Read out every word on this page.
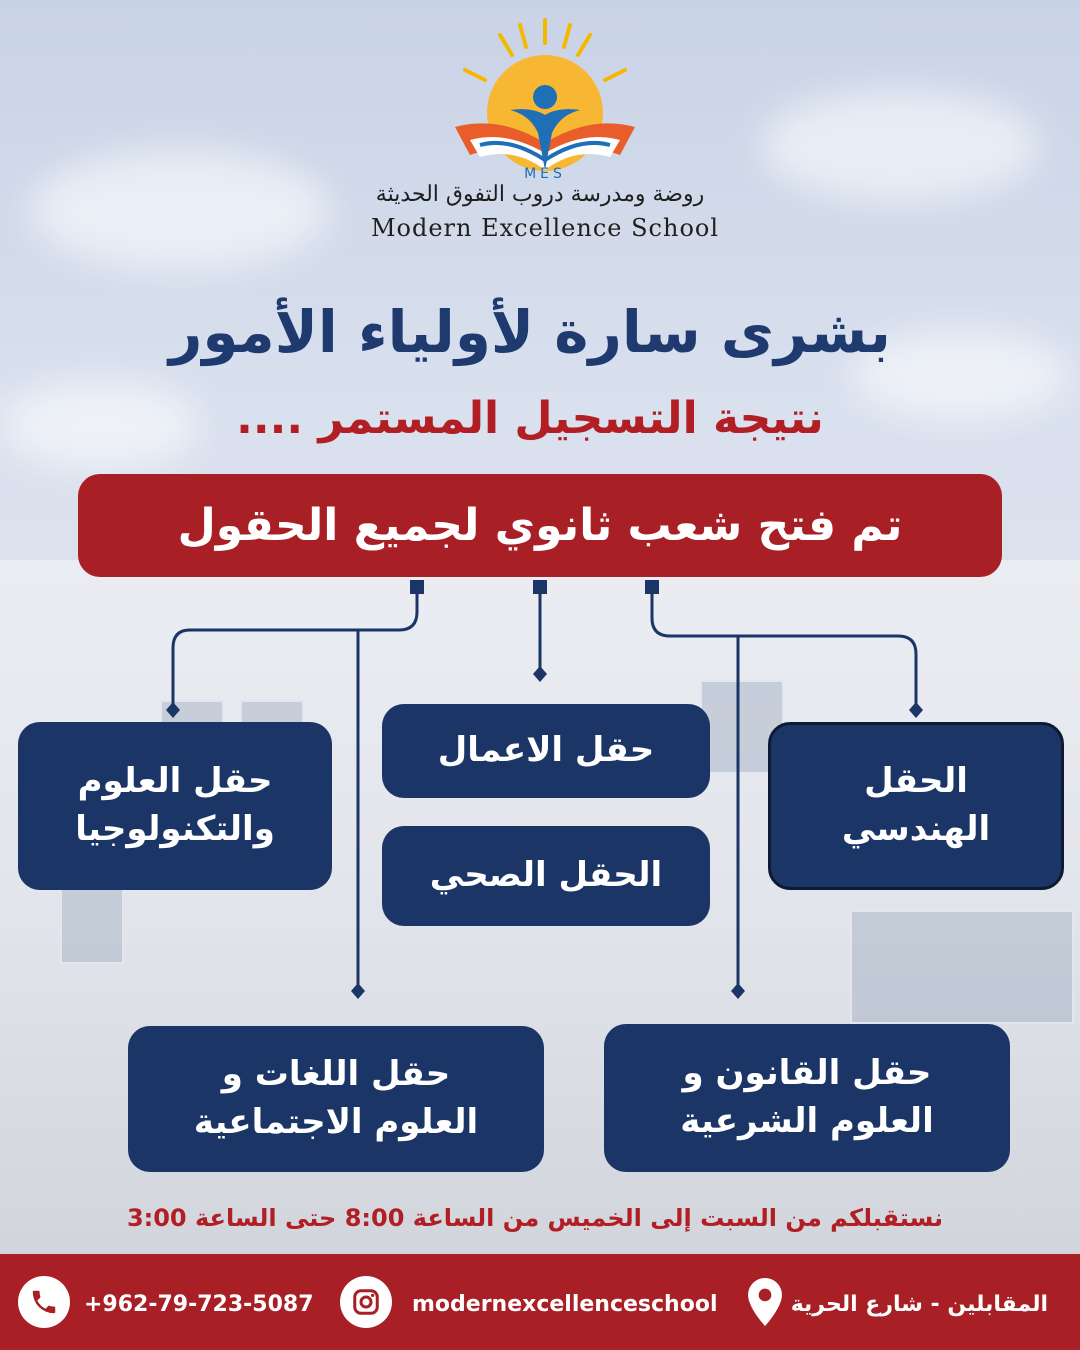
MES
روضة ومدرسة دروب التفوق الحديثة
Modern Excellence School
بشرى سارة لأولياء الأمور
نتيجة التسجيل المستمر ....
تم فتح شعب ثانوي لجميع الحقول
حقل العلوم
والتكنولوجيا
حقل الاعمال
الحقل الصحي
الحقل
الهندسي
حقل اللغات و
العلوم الاجتماعية
حقل القانون و
العلوم الشرعية
نستقبلكم من السبت إلى الخميس من الساعة 8:00 حتى الساعة 3:00
+962-79-723-5087	modernexcellenceschool	المقابلين - شارع الحرية
